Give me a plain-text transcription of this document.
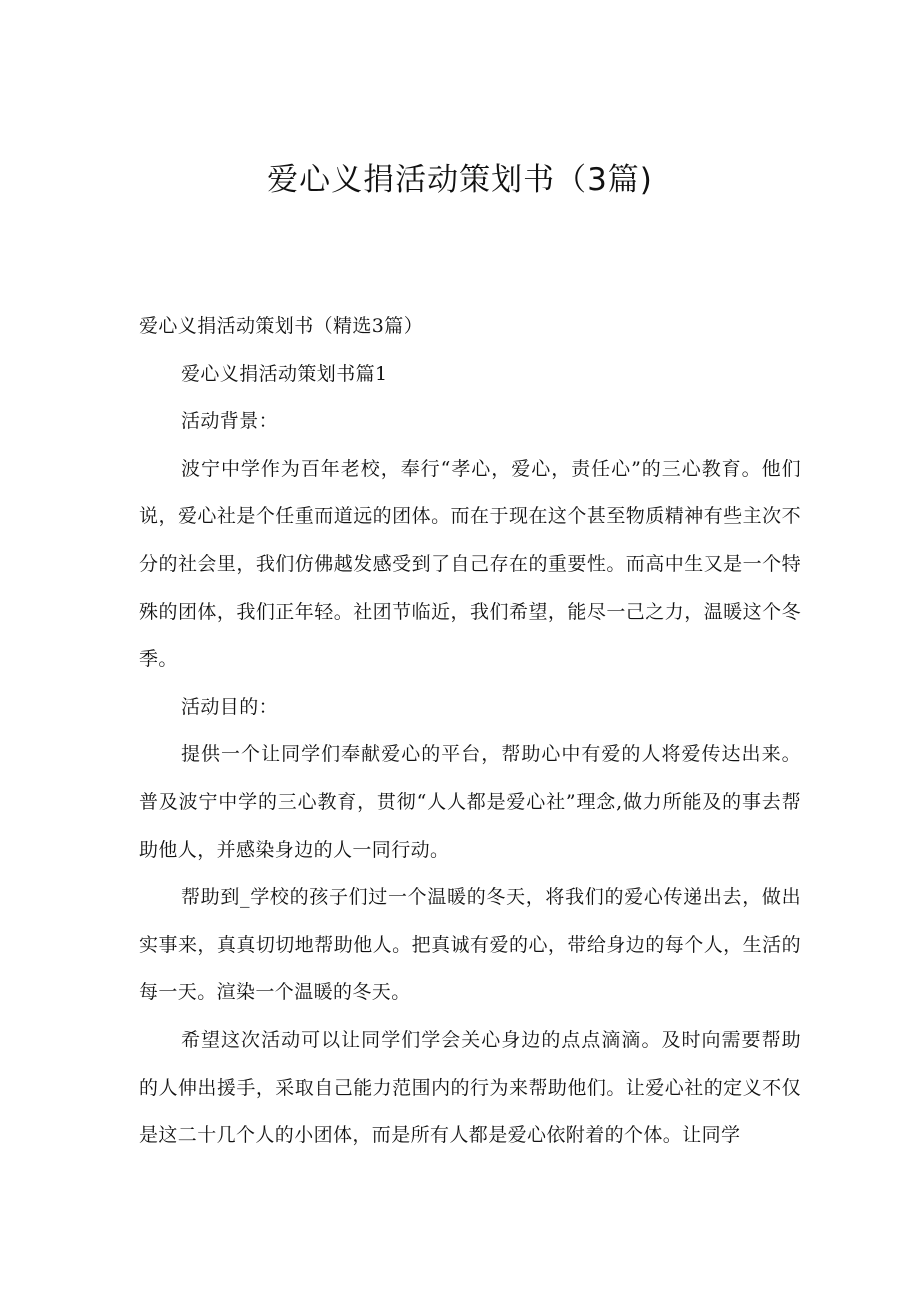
爱心义捐活动策划书（3篇)

爱心义捐活动策划书（精选3篇）

爱心义捐活动策划书篇1

活动背景：

波宁中学作为百年老校，奉行“孝心，爱心，责任心”的三心教育。他们说，爱心社是个任重而道远的团体。而在于现在这个甚至物质精神有些主次不分的社会里，我们仿佛越发感受到了自己存在的重要性。而高中生又是一个特殊的团体，我们正年轻。社团节临近，我们希望，能尽一己之力，温暖这个冬季。

活动目的：

提供一个让同学们奉献爱心的平台，帮助心中有爱的人将爱传达出来。普及波宁中学的三心教育，贯彻“人人都是爱心社”理念,做力所能及的事去帮助他人，并感染身边的人一同行动。

帮助到_学校的孩子们过一个温暖的冬天，将我们的爱心传递出去，做出实事来，真真切切地帮助他人。把真诚有爱的心，带给身边的每个人，生活的每一天。渲染一个温暖的冬天。

希望这次活动可以让同学们学会关心身边的点点滴滴。及时向需要帮助的人伸出援手，采取自己能力范围内的行为来帮助他们。让爱心社的定义不仅是这二十几个人的小团体，而是所有人都是爱心依附着的个体。让同学
